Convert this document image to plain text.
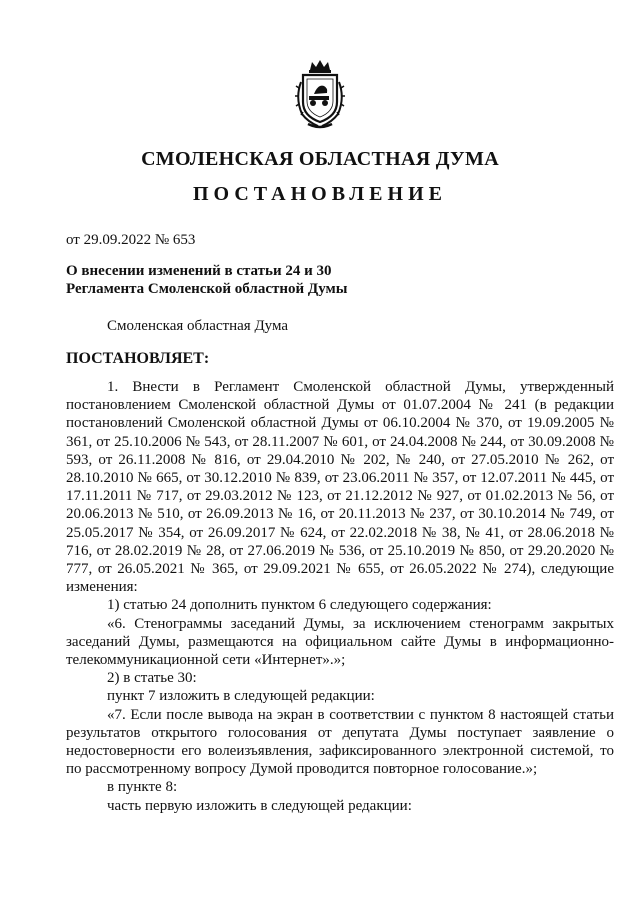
СМОЛЕНСКАЯ ОБЛАСТНАЯ ДУМА
ПОСТАНОВЛЕНИЕ
от 29.09.2022 № 653
О внесении изменений в статьи 24 и 30
Регламента Смоленской областной Думы
Смоленская областная Дума
ПОСТАНОВЛЯЕТ:

1. Внести в Регламент Смоленской областной Думы, утвержденный постановлением Смоленской областной Думы от 01.07.2004 № 241 (в редакции постановлений Смоленской областной Думы от 06.10.2004 № 370, от 19.09.2005 № 361, от 25.10.2006 № 543, от 28.11.2007 № 601, от 24.04.2008 № 244, от 30.09.2008 № 593, от 26.11.2008 № 816, от 29.04.2010 № 202, № 240, от 27.05.2010 № 262, от 28.10.2010 № 665, от 30.12.2010 № 839, от 23.06.2011 № 357, от 12.07.2011 № 445, от 17.11.2011 № 717, от 29.03.2012 № 123, от 21.12.2012 № 927, от 01.02.2013 № 56, от 20.06.2013 № 510, от 26.09.2013 № 16, от 20.11.2013 № 237, от 30.10.2014 № 749, от 25.05.2017 № 354, от 26.09.2017 № 624, от 22.02.2018 № 38, № 41, от 28.06.2018 № 716, от 28.02.2019 № 28, от 27.06.2019 № 536, от 25.10.2019 № 850, от 29.20.2020 № 777, от 26.05.2021 № 365, от 29.09.2021 № 655, от 26.05.2022 № 274), следующие изменения:

1) статью 24 дополнить пунктом 6 следующего содержания:

«6. Стенограммы заседаний Думы, за исключением стенограмм закрытых заседаний Думы, размещаются на официальном сайте Думы в информационно-телекоммуникационной сети «Интернет».»;

2) в статье 30:

пункт 7 изложить в следующей редакции:

«7. Если после вывода на экран в соответствии с пунктом 8 настоящей статьи результатов открытого голосования от депутата Думы поступает заявление о недостоверности его волеизъявления, зафиксированного электронной системой, то по рассмотренному вопросу Думой проводится повторное голосование.»;

в пункте 8:

часть первую изложить в следующей редакции:
